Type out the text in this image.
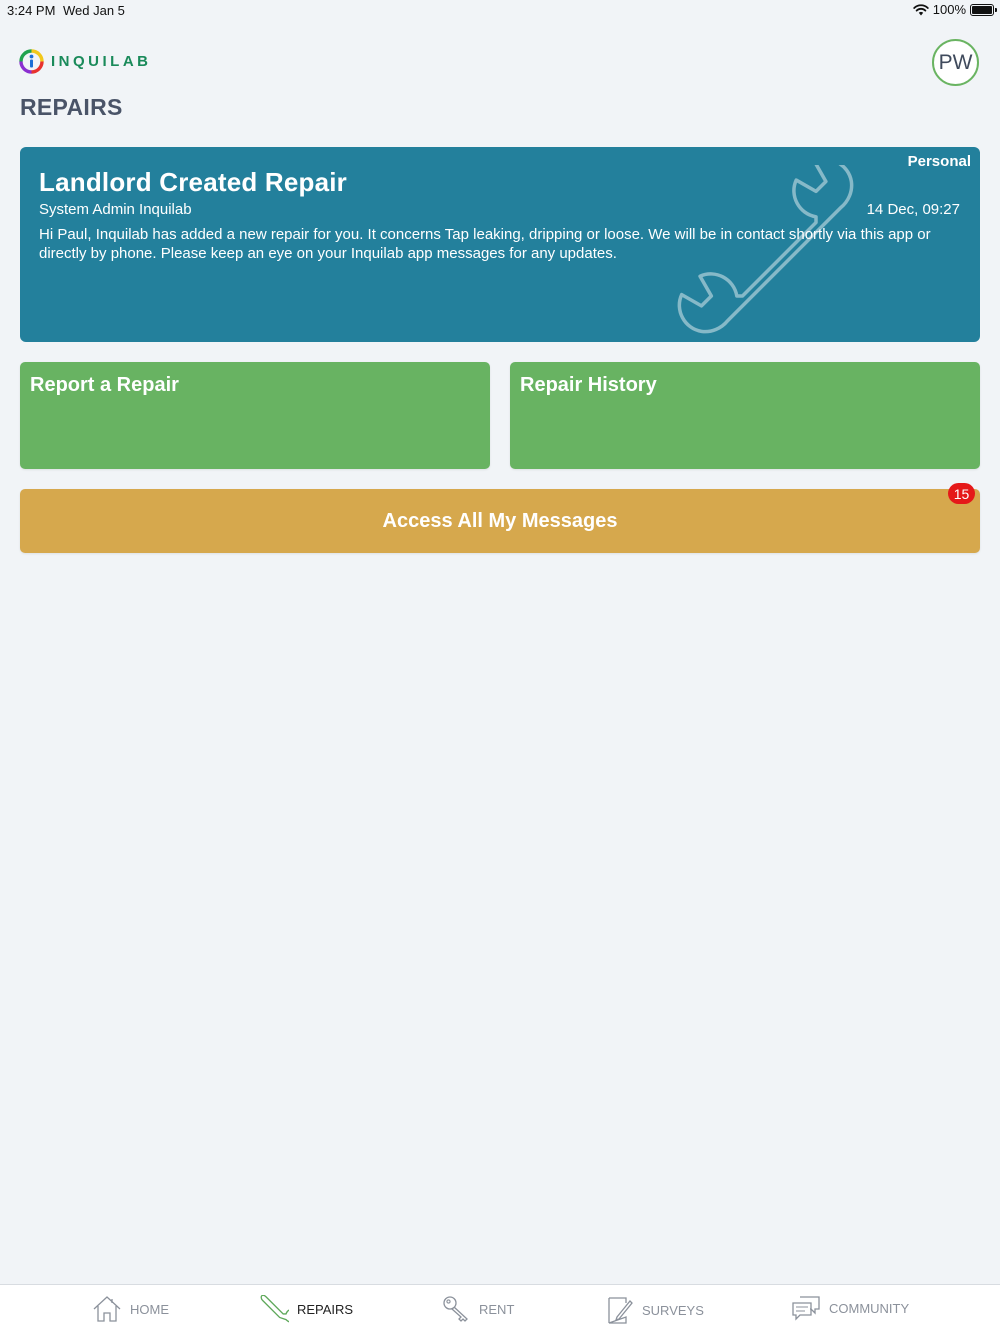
3:24 PM Wed Jan 5	100%
INQUILAB	PW
REPAIRS
Personal
Landlord Created Repair
System Admin Inquilab	14 Dec, 09:27

Hi Paul, Inquilab has added a new repair for you. It concerns Tap leaking, dripping or loose. We will be in contact shortly via this app or directly by phone. Please keep an eye on your Inquilab app messages for any updates.

Report a Repair	Repair History
Access All My Messages
15
HOME	REPAIRS	RENT	SURVEYS	COMMUNITY
